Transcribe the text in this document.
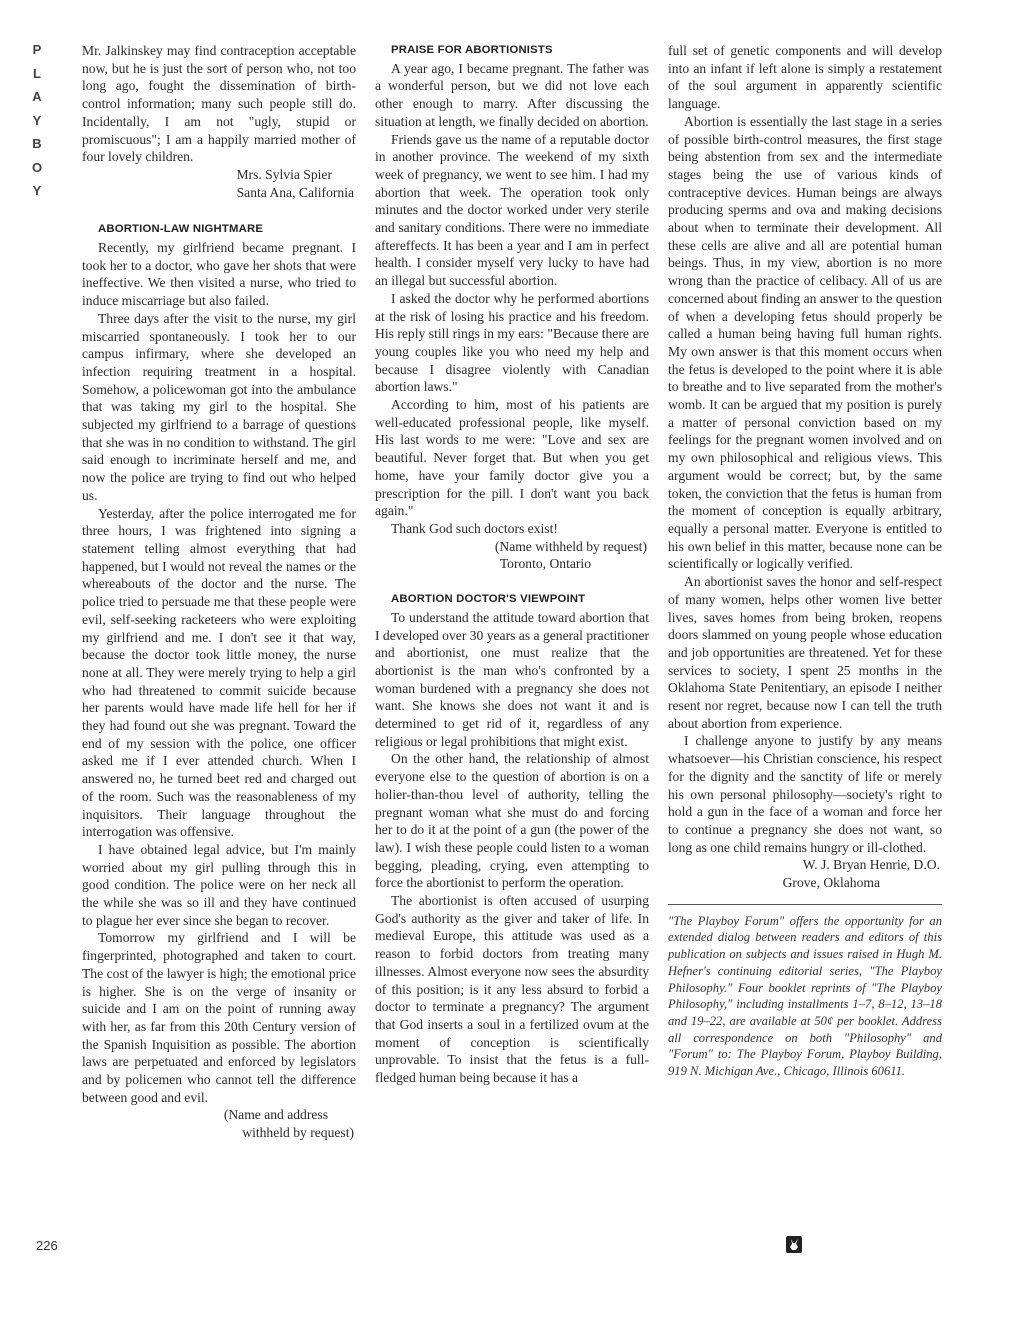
P
L
A
Y
B
O
Y

Mr. Jalkinskey may find contraception acceptable now, but he is just the sort of person who, not too long ago, fought the dissemination of birth-control information; many such people still do. Incidentally, I am not "ugly, stupid or promiscuous"; I am a happily married mother of four lovely children.

Mrs. Sylvia Spier

Santa Ana, California

ABORTION-LAW NIGHTMARE

Recently, my girlfriend became pregnant. I took her to a doctor, who gave her shots that were ineffective. We then visited a nurse, who tried to induce miscarriage but also failed.

Three days after the visit to the nurse, my girl miscarried spontaneously. I took her to our campus infirmary, where she developed an infection requiring treatment in a hospital. Somehow, a policewoman got into the ambulance that was taking my girl to the hospital. She subjected my girlfriend to a barrage of questions that she was in no condition to withstand. The girl said enough to incriminate herself and me, and now the police are trying to find out who helped us.

Yesterday, after the police interrogated me for three hours, I was frightened into signing a statement telling almost everything that had happened, but I would not reveal the names or the whereabouts of the doctor and the nurse. The police tried to persuade me that these people were evil, self-seeking racketeers who were exploiting my girlfriend and me. I don't see it that way, because the doctor took little money, the nurse none at all. They were merely trying to help a girl who had threatened to commit suicide because her parents would have made life hell for her if they had found out she was pregnant. Toward the end of my session with the police, one officer asked me if I ever attended church. When I answered no, he turned beet red and charged out of the room. Such was the reasonableness of my inquisitors. Their language throughout the interrogation was offensive.

I have obtained legal advice, but I'm mainly worried about my girl pulling through this in good condition. The police were on her neck all the while she was so ill and they have continued to plague her ever since she began to recover.

Tomorrow my girlfriend and I will be fingerprinted, photographed and taken to court. The cost of the lawyer is high; the emotional price is higher. She is on the verge of insanity or suicide and I am on the point of running away with her, as far from this 20th Century version of the Spanish Inquisition as possible. The abortion laws are perpetuated and enforced by legislators and by policemen who cannot tell the difference between good and evil.

(Name and address

withheld by request)

PRAISE FOR ABORTIONISTS

A year ago, I became pregnant. The father was a wonderful person, but we did not love each other enough to marry. After discussing the situation at length, we finally decided on abortion.

Friends gave us the name of a reputable doctor in another province. The weekend of my sixth week of pregnancy, we went to see him. I had my abortion that week. The operation took only minutes and the doctor worked under very sterile and sanitary conditions. There were no immediate aftereffects. It has been a year and I am in perfect health. I consider myself very lucky to have had an illegal but successful abortion.

I asked the doctor why he performed abortions at the risk of losing his practice and his freedom. His reply still rings in my ears: "Because there are young couples like you who need my help and because I disagree violently with Canadian abortion laws."

According to him, most of his patients are well-educated professional people, like myself. His last words to me were: "Love and sex are beautiful. Never forget that. But when you get home, have your family doctor give you a prescription for the pill. I don't want you back again."

Thank God such doctors exist!

(Name withheld by request)

Toronto, Ontario

ABORTION DOCTOR'S VIEWPOINT

To understand the attitude toward abortion that I developed over 30 years as a general practitioner and abortionist, one must realize that the abortionist is the man who's confronted by a woman burdened with a pregnancy she does not want. She knows she does not want it and is determined to get rid of it, regardless of any religious or legal prohibitions that might exist.

On the other hand, the relationship of almost everyone else to the question of abortion is on a holier-than-thou level of authority, telling the pregnant woman what she must do and forcing her to do it at the point of a gun (the power of the law). I wish these people could listen to a woman begging, pleading, crying, even attempting to force the abortionist to perform the operation.

The abortionist is often accused of usurping God's authority as the giver and taker of life. In medieval Europe, this attitude was used as a reason to forbid doctors from treating many illnesses. Almost everyone now sees the absurdity of this position; is it any less absurd to forbid a doctor to terminate a pregnancy? The argument that God inserts a soul in a fertilized ovum at the moment of conception is scientifically unprovable. To insist that the fetus is a full-fledged human being because it has a

full set of genetic components and will develop into an infant if left alone is simply a restatement of the soul argument in apparently scientific language.

Abortion is essentially the last stage in a series of possible birth-control measures, the first stage being abstention from sex and the intermediate stages being the use of various kinds of contraceptive devices. Human beings are always producing sperms and ova and making decisions about when to terminate their development. All these cells are alive and all are potential human beings. Thus, in my view, abortion is no more wrong than the practice of celibacy. All of us are concerned about finding an answer to the question of when a developing fetus should properly be called a human being having full human rights. My own answer is that this moment occurs when the fetus is developed to the point where it is able to breathe and to live separated from the mother's womb. It can be argued that my position is purely a matter of personal conviction based on my feelings for the pregnant women involved and on my own philosophical and religious views. This argument would be correct; but, by the same token, the conviction that the fetus is human from the moment of conception is equally arbitrary, equally a personal matter. Everyone is entitled to his own belief in this matter, because none can be scientifically or logically verified.

An abortionist saves the honor and self-respect of many women, helps other women live better lives, saves homes from being broken, reopens doors slammed on young people whose education and job opportunities are threatened. Yet for these services to society, I spent 25 months in the Oklahoma State Penitentiary, an episode I neither resent nor regret, because now I can tell the truth about abortion from experience.

I challenge anyone to justify by any means whatsoever—his Christian conscience, his respect for the dignity and the sanctity of life or merely his own personal philosophy—society's right to hold a gun in the face of a woman and force her to continue a pregnancy she does not want, so long as one child remains hungry or ill-clothed.

W. J. Bryan Henrie, D.O.

Grove, Oklahoma

"The Playboy Forum" offers the opportunity for an extended dialog between readers and editors of this publication on subjects and issues raised in Hugh M. Hefner's continuing editorial series, "The Playboy Philosophy." Four booklet reprints of "The Playboy Philosophy," including installments 1–7, 8–12, 13–18 and 19–22, are available at 50¢ per booklet. Address all correspondence on both "Philosophy" and "Forum" to: The Playboy Forum, Playboy Building, 919 N. Michigan Ave., Chicago, Illinois 60611.

226
